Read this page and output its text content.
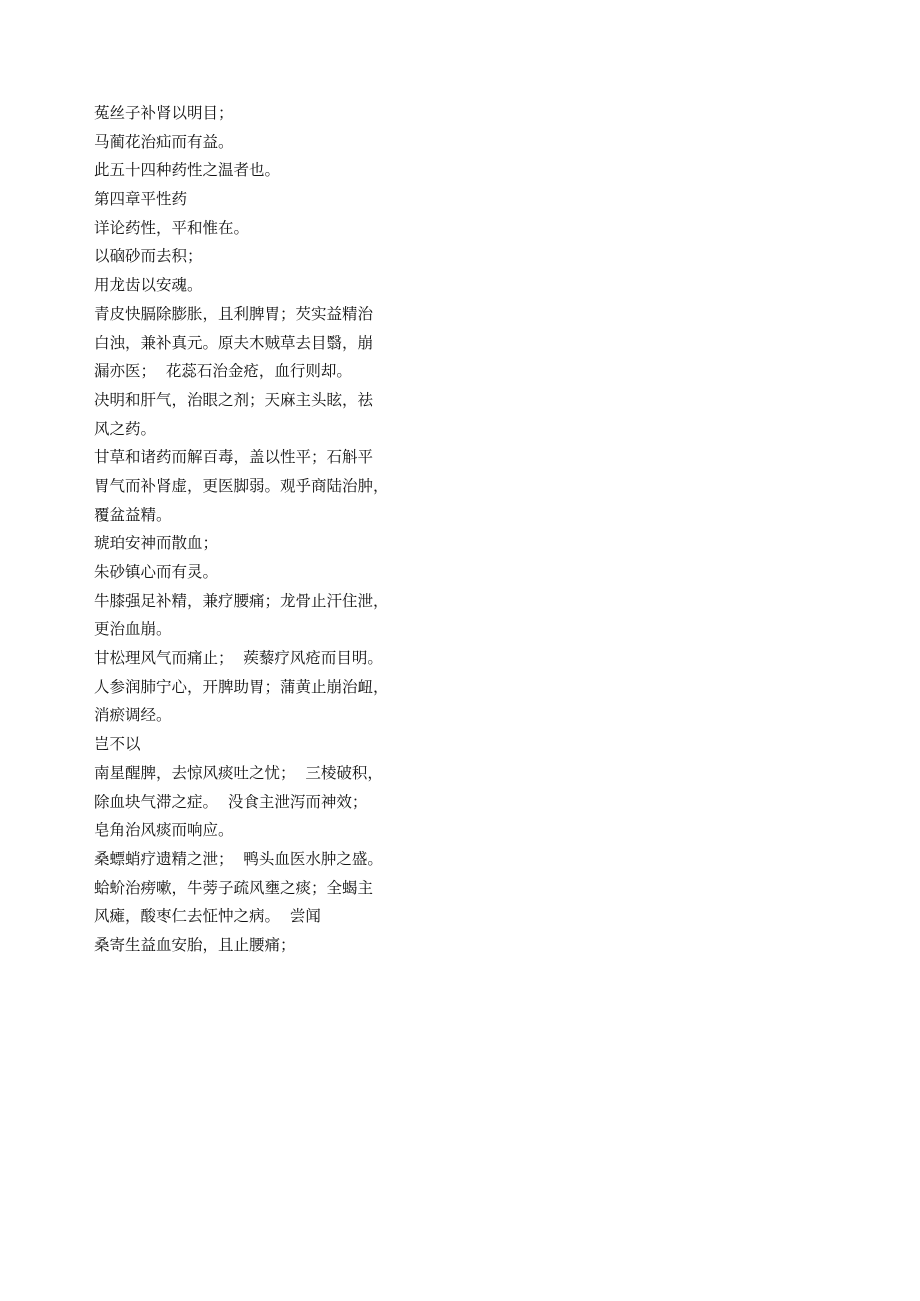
菟丝子补肾以明目；
马蔺花治疝而有益。
此五十四种药性之温者也。
第四章平性药
详论药性，平和惟在。
以硇砂而去积；
用龙齿以安魂。
青皮快膈除膨胀，且利脾胃；芡实益精治
白浊，兼补真元。原夫木贼草去目翳，崩
漏亦医；  花蕊石治金疮，血行则却。
决明和肝气，治眼之剂；天麻主头眩，祛
风之药。
甘草和诸药而解百毒，盖以性平；石斛平
胃气而补肾虚，更医脚弱。观乎商陆治肿，
覆盆益精。
琥珀安神而散血；
朱砂镇心而有灵。
牛膝强足补精，兼疗腰痛；龙骨止汗住泄，
更治血崩。
甘松理风气而痛止；  蒺藜疗风疮而目明。
人参润肺宁心，开脾助胃；蒲黄止崩治衄，
消瘀调经。
岂不以
南星醒脾，去惊风痰吐之忧；  三棱破积，
除血块气滞之症。  没食主泄泻而神效；
皂角治风痰而响应。
桑螵蛸疗遗精之泄；  鸭头血医水肿之盛。
蛤蚧治痨嗽，牛蒡子疏风壅之痰；全蝎主
风瘫，酸枣仁去怔忡之病。  尝闻
桑寄生益血安胎，且止腰痛；
